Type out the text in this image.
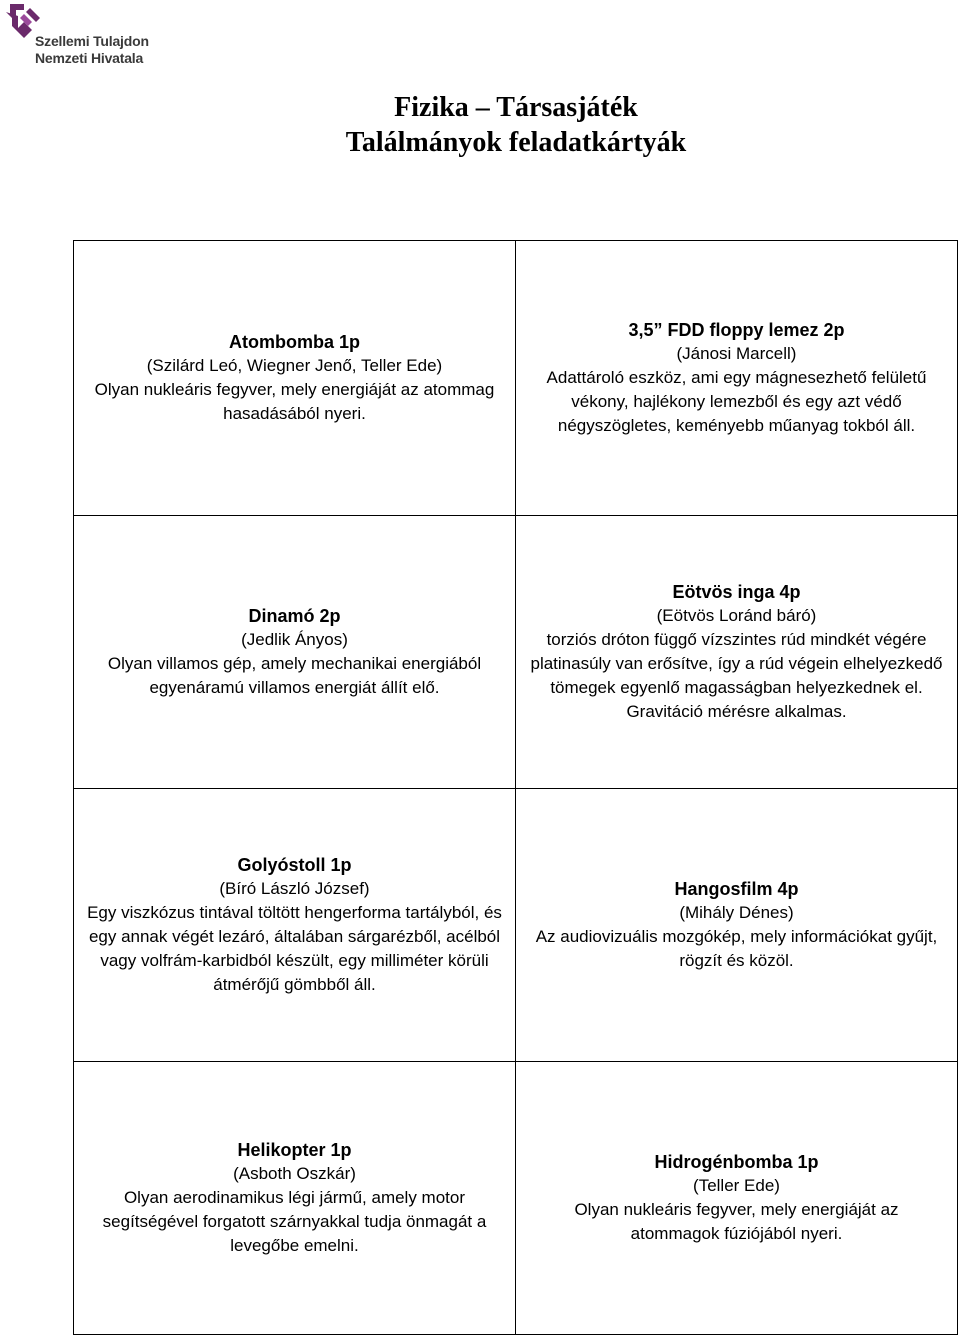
Szellemi Tulajdon
Nemzeti Hivatala
Fizika – Társasjáték
Találmányok feladatkártyák
Atombomba 1p
(Szilárd Leó, Wiegner Jenő, Teller Ede)
Olyan nukleáris fegyver, mely energiáját az atommag
hasadásából nyeri.
3,5” FDD floppy lemez 2p
(Jánosi Marcell)
Adattároló eszköz, ami egy mágnesezhető felületű
vékony, hajlékony lemezből és egy azt védő
négyszögletes, keményebb műanyag tokból áll.
Dinamó 2p
(Jedlik Ányos)
Olyan villamos gép, amely mechanikai energiából
egyenáramú villamos energiát állít elő.
Eötvös inga 4p
(Eötvös Loránd báró)
torziós dróton függő vízszintes rúd mindkét végére
platinasúly van erősítve, így a rúd végein elhelyezkedő
tömegek egyenlő magasságban helyezkednek el.
Gravitáció mérésre alkalmas.
Golyóstoll 1p
(Bíró László József)
Egy viszkózus tintával töltött hengerforma tartályból, és
egy annak végét lezáró, általában sárgarézből, acélból
vagy volfrám-karbidból készült, egy milliméter körüli
átmérőjű gömbből áll.
Hangosfilm 4p
(Mihály Dénes)
Az audiovizuális mozgókép, mely információkat gyűjt,
rögzít és közöl.
Helikopter 1p
(Asboth Oszkár)
Olyan aerodinamikus légi jármű, amely motor
segítségével forgatott szárnyakkal tudja önmagát a
levegőbe emelni.
Hidrogénbomba 1p
(Teller Ede)
Olyan nukleáris fegyver, mely energiáját az
atommagok fúziójából nyeri.
